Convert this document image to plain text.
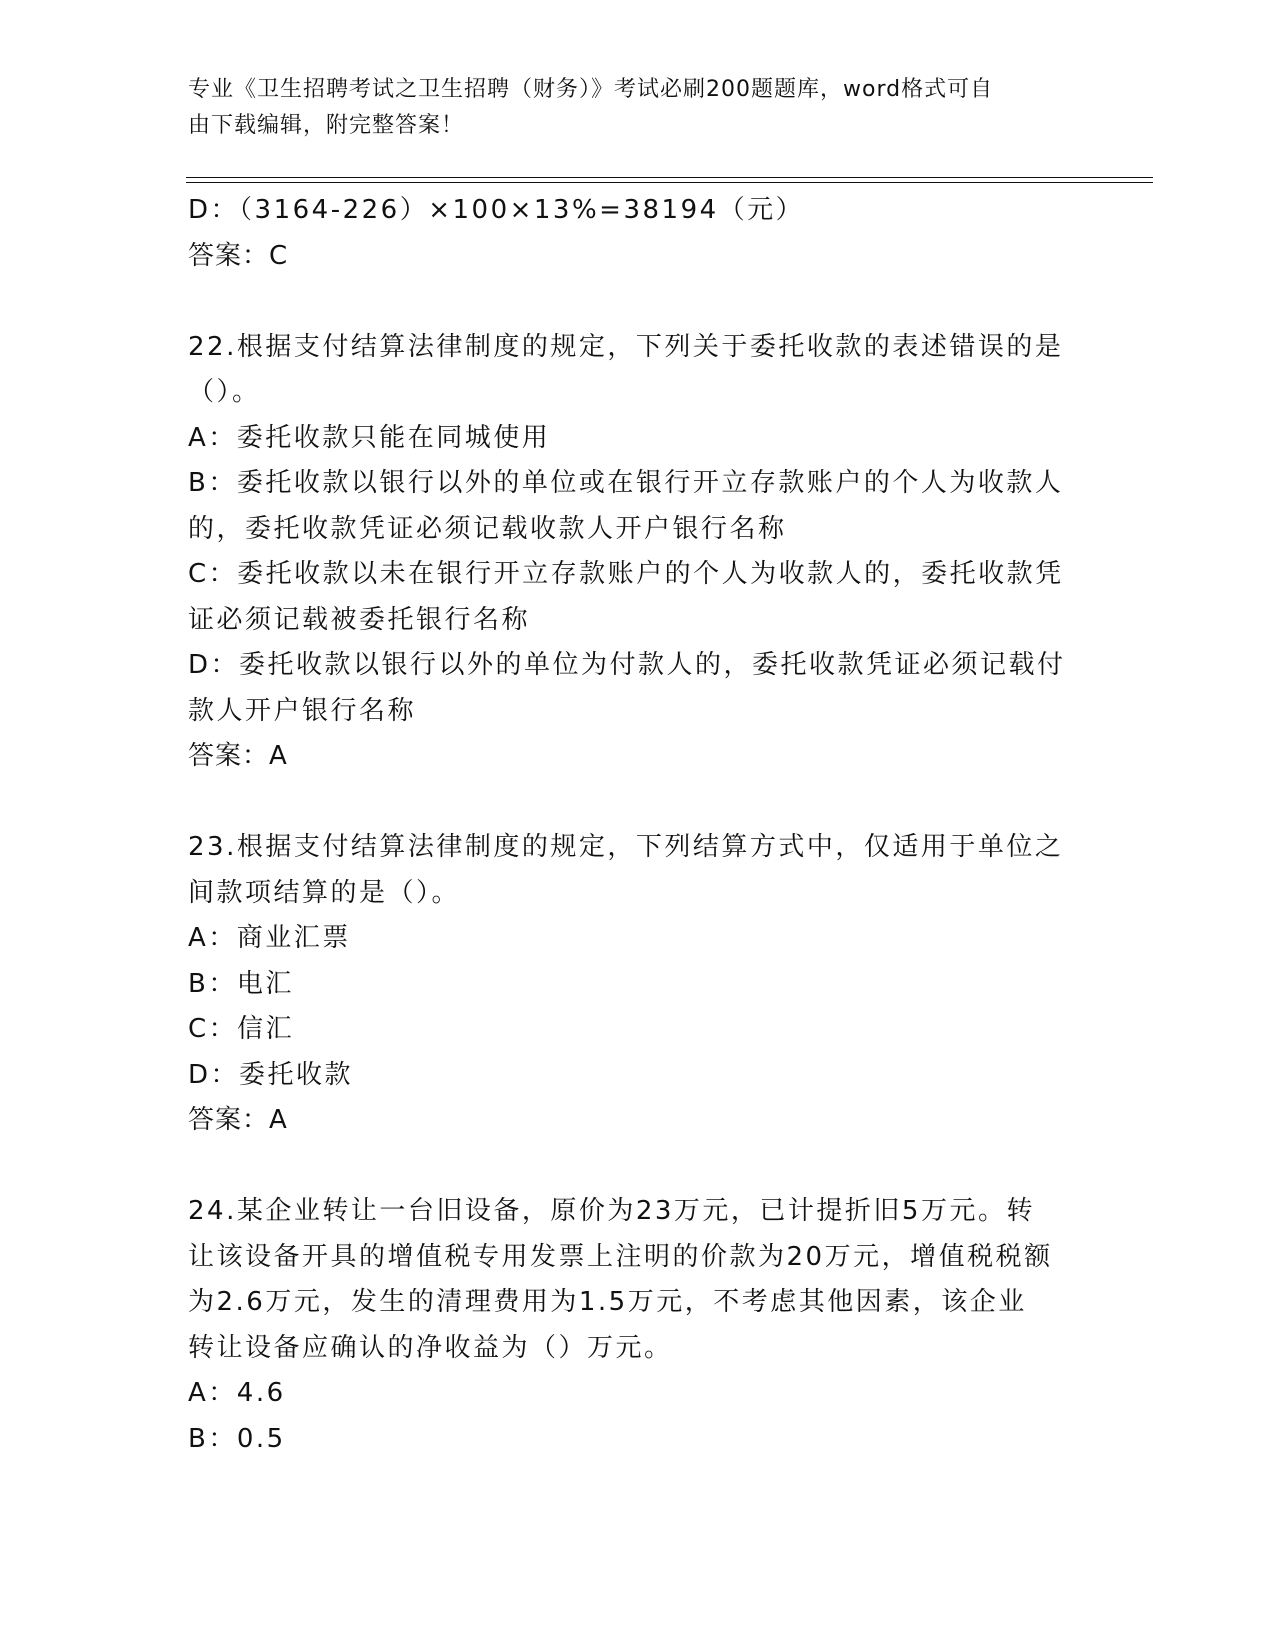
专业《卫生招聘考试之卫生招聘（财务）》考试必刷200题题库，word格式可自
由下载编辑，附完整答案！
D：（3164-226）×100×13%=38194（元）
答案：C
22.根据支付结算法律制度的规定，下列关于委托收款的表述错误的是
（）。
A：委托收款只能在同城使用
B：委托收款以银行以外的单位或在银行开立存款账户的个人为收款人
的，委托收款凭证必须记载收款人开户银行名称
C：委托收款以未在银行开立存款账户的个人为收款人的，委托收款凭
证必须记载被委托银行名称
D：委托收款以银行以外的单位为付款人的，委托收款凭证必须记载付
款人开户银行名称
答案：A
23.根据支付结算法律制度的规定，下列结算方式中，仅适用于单位之
间款项结算的是（）。
A：商业汇票
B：电汇
C：信汇
D：委托收款
答案：A
24.某企业转让一台旧设备，原价为23万元，已计提折旧5万元。转
让该设备开具的增值税专用发票上注明的价款为20万元，增值税税额
为2.6万元，发生的清理费用为1.5万元，不考虑其他因素，该企业
转让设备应确认的净收益为（）万元。
A：4.6
B：0.5
